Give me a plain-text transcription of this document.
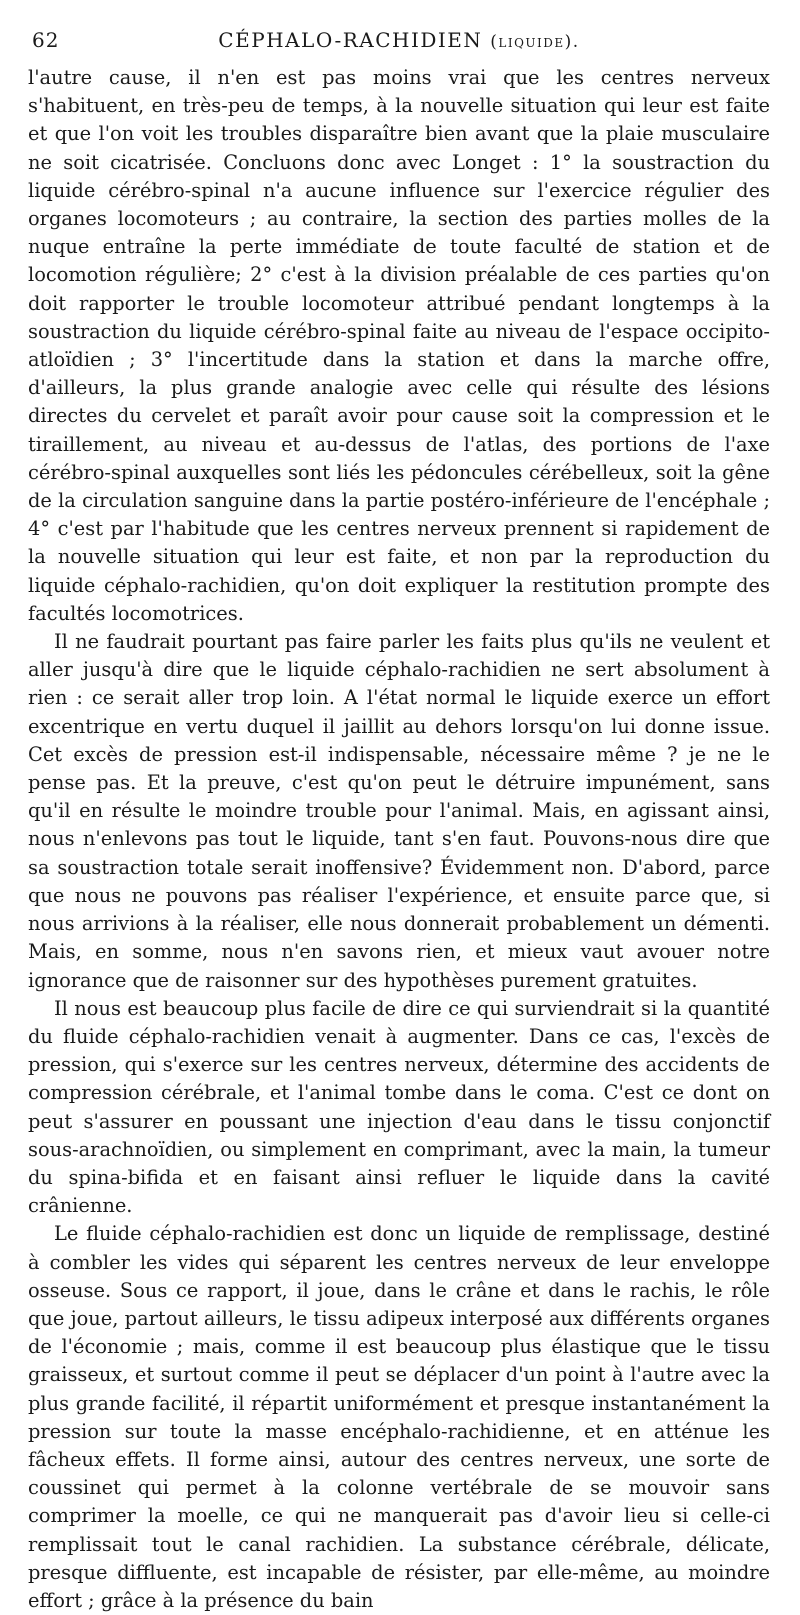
62	CÉPHALO-RACHIDIEN (liquide).

l'autre cause, il n'en est pas moins vrai que les centres nerveux s'habituent, en très-peu de temps, à la nouvelle situation qui leur est faite et que l'on voit les troubles disparaître bien avant que la plaie musculaire ne soit cicatrisée. Concluons donc avec Longet : 1° la soustraction du liquide cérébro-spinal n'a aucune influence sur l'exercice régulier des organes locomoteurs ; au contraire, la section des parties molles de la nuque entraîne la perte immédiate de toute faculté de station et de locomotion régulière; 2° c'est à la division préalable de ces parties qu'on doit rapporter le trouble locomoteur attribué pendant longtemps à la soustraction du liquide cérébro-spinal faite au niveau de l'espace occipito-atloïdien ; 3° l'incertitude dans la station et dans la marche offre, d'ailleurs, la plus grande analogie avec celle qui résulte des lésions directes du cervelet et paraît avoir pour cause soit la compression et le tiraillement, au niveau et au-dessus de l'atlas, des portions de l'axe cérébro-spinal auxquelles sont liés les pédoncules cérébelleux, soit la gêne de la circulation sanguine dans la partie postéro-inférieure de l'encéphale ; 4° c'est par l'habitude que les centres nerveux prennent si rapidement de la nouvelle situation qui leur est faite, et non par la reproduction du liquide céphalo-rachidien, qu'on doit expliquer la restitution prompte des facultés locomotrices.

Il ne faudrait pourtant pas faire parler les faits plus qu'ils ne veulent et aller jusqu'à dire que le liquide céphalo-rachidien ne sert absolument à rien : ce serait aller trop loin. A l'état normal le liquide exerce un effort excentrique en vertu duquel il jaillit au dehors lorsqu'on lui donne issue. Cet excès de pression est-il indispensable, nécessaire même ? je ne le pense pas. Et la preuve, c'est qu'on peut le détruire impunément, sans qu'il en résulte le moindre trouble pour l'animal. Mais, en agissant ainsi, nous n'enlevons pas tout le liquide, tant s'en faut. Pouvons-nous dire que sa soustraction totale serait inoffensive? Évidemment non. D'abord, parce que nous ne pouvons pas réaliser l'expérience, et ensuite parce que, si nous arrivions à la réaliser, elle nous donnerait probablement un démenti. Mais, en somme, nous n'en savons rien, et mieux vaut avouer notre ignorance que de raisonner sur des hypothèses purement gratuites.

Il nous est beaucoup plus facile de dire ce qui surviendrait si la quantité du fluide céphalo-rachidien venait à augmenter. Dans ce cas, l'excès de pression, qui s'exerce sur les centres nerveux, détermine des accidents de compression cérébrale, et l'animal tombe dans le coma. C'est ce dont on peut s'assurer en poussant une injection d'eau dans le tissu conjonctif sous-arachnoïdien, ou simplement en comprimant, avec la main, la tumeur du spina-bifida et en faisant ainsi refluer le liquide dans la cavité crânienne.

Le fluide céphalo-rachidien est donc un liquide de remplissage, destiné à combler les vides qui séparent les centres nerveux de leur enveloppe osseuse. Sous ce rapport, il joue, dans le crâne et dans le rachis, le rôle que joue, partout ailleurs, le tissu adipeux interposé aux différents organes de l'économie ; mais, comme il est beaucoup plus élastique que le tissu graisseux, et surtout comme il peut se déplacer d'un point à l'autre avec la plus grande facilité, il répartit uniformément et presque instantanément la pression sur toute la masse encéphalo-rachidienne, et en atténue les fâcheux effets. Il forme ainsi, autour des centres nerveux, une sorte de coussinet qui permet à la colonne vertébrale de se mouvoir sans comprimer la moelle, ce qui ne manquerait pas d'avoir lieu si celle-ci remplissait tout le canal rachidien. La substance cérébrale, délicate, presque diffluente, est incapable de résister, par elle-même, au moindre effort ; grâce à la présence du bain
